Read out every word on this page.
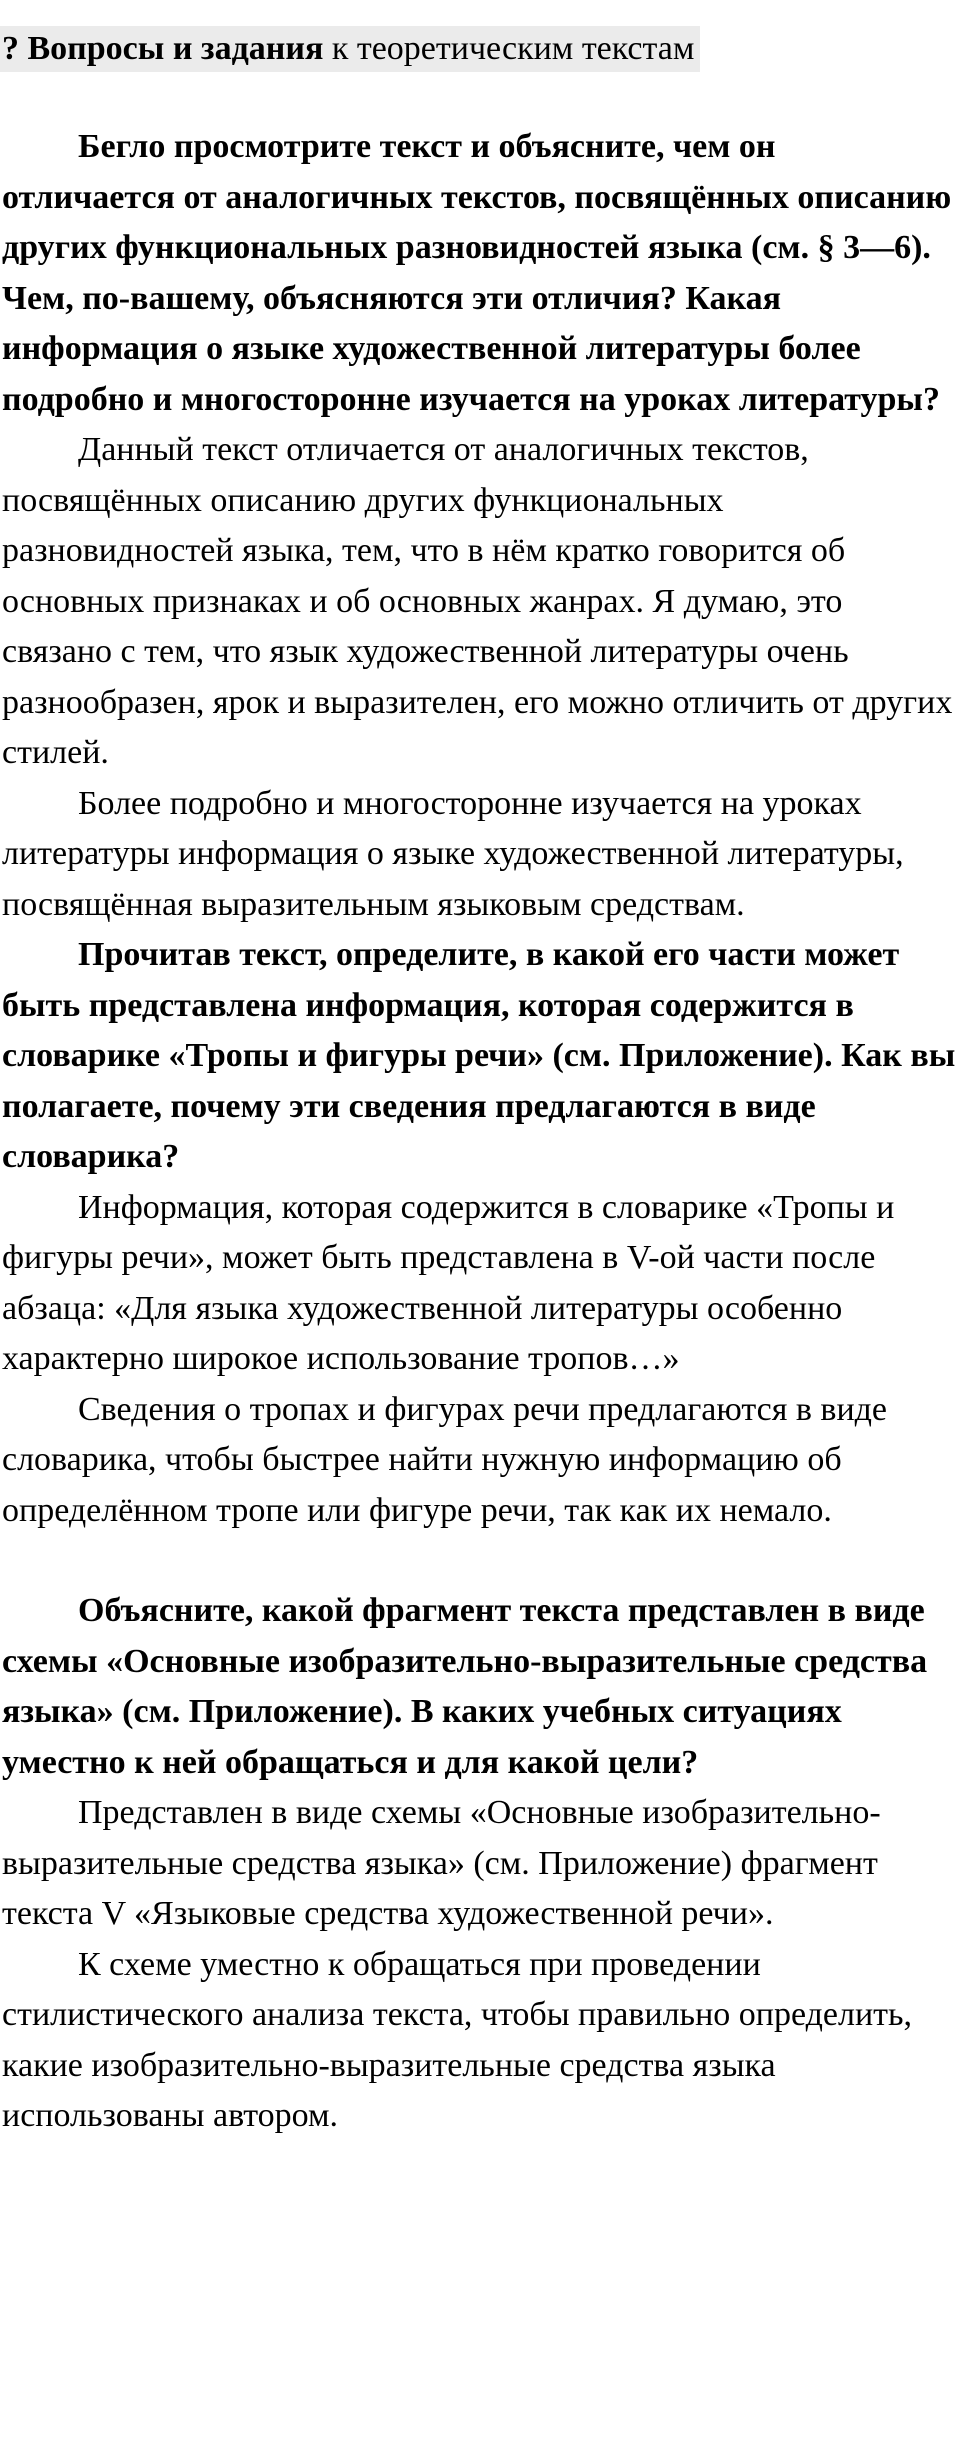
? Вопросы и задания к теоретическим текстам

Бегло просмотрите текст и объясните, чем он отличается от аналогичных текстов, посвящённых описанию других функциональных разновидностей языка (см. § 3—6). Чем, по-вашему, объясняются эти отличия? Какая информация о языке художественной литературы более подробно и многосторонне изучается на уроках литературы?

Данный текст отличается от аналогичных текстов, посвящённых описанию других функциональных разновидностей языка, тем, что в нём кратко говорится об основных признаках и об основных жанрах. Я думаю, это связано с тем, что язык художественной литературы очень разнообразен, ярок и выразителен, его можно отличить от других стилей.

Более подробно и многосторонне изучается на уроках литературы информация о языке художественной литературы, посвящённая выразительным языковым средствам.

Прочитав текст, определите, в какой его части может быть представлена информация, которая содержится в словарике «Тропы и фигуры речи» (см. Приложение). Как вы полагаете, почему эти сведения предлагаются в виде словарика?

Информация, которая содержится в словарике «Тропы и фигуры речи», может быть представлена в V-ой части после абзаца: «Для языка художественной литературы особенно характерно широкое использование тропов…»

Сведения о тропах и фигурах речи предлагаются в виде словарика, чтобы быстрее найти нужную информацию об определённом тропе или фигуре речи, так как их немало.

Объясните, какой фрагмент текста представлен в виде схемы «Основные изобразительно-выразительные средства языка» (см. Приложение). В каких учебных ситуациях уместно к ней обращаться и для какой цели?

Представлен в виде схемы «Основные изобразительно-выразительные средства языка» (см. Приложение) фрагмент текста V «Языковые средства художественной речи».

К схеме уместно к обращаться при проведении стилистического анализа текста, чтобы правильно определить, какие изобразительно-выразительные средства языка использованы автором.
